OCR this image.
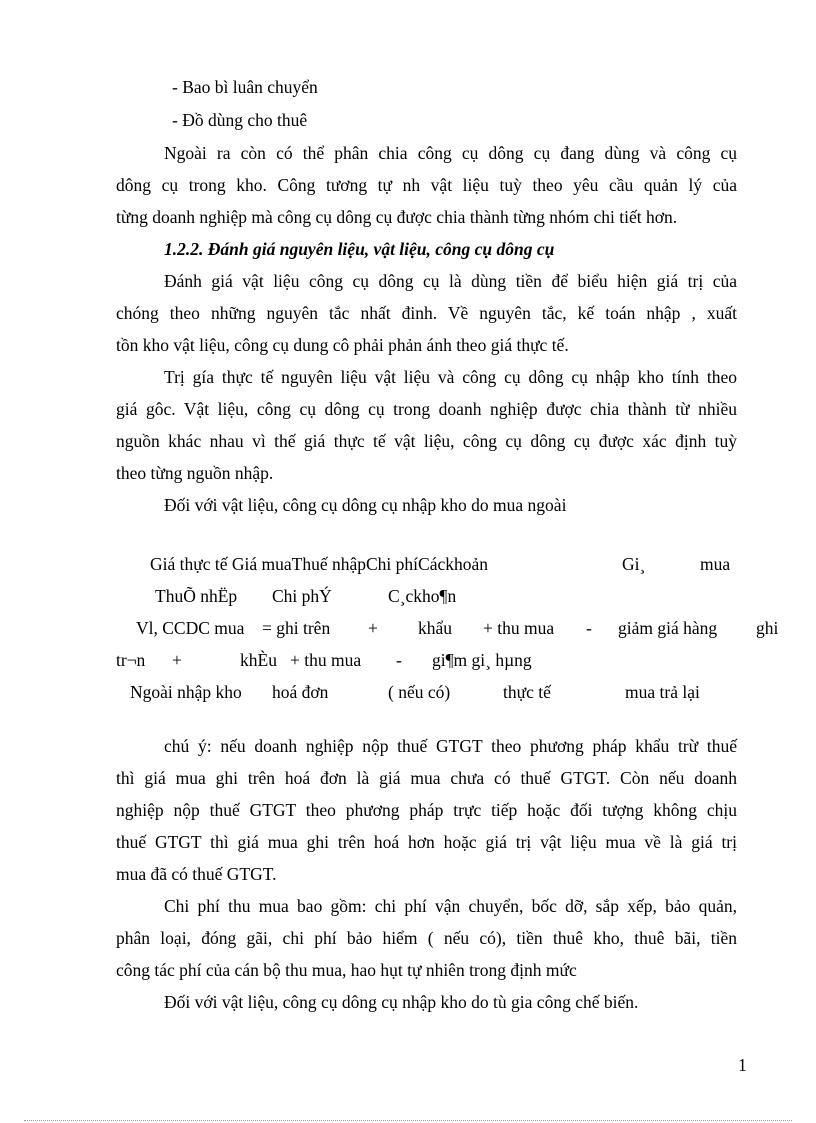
- Bao bì luân chuyển
- Đồ dùng cho thuê
Ngoài ra còn có thể phân chia công cụ dông cụ đang dùng và công cụ
dông cụ trong kho. Công tương tự nh vật liệu tuỳ theo yêu cầu quản lý của
từng doanh nghiệp mà công cụ dông cụ được chia thành từng nhóm chi tiết hơn.
1.2.2. Đánh giá nguyên liệu, vật liệu, công cụ dông cụ
Đánh giá vật liệu công cụ dông cụ là dùng tiền để biểu hiện giá trị của
chóng theo những nguyên tắc nhất đinh. Về nguyên tắc, kế toán nhập , xuất
tồn kho vật liệu, công cụ dung cô phải phản ánh theo giá thực tế.
Trị gía thực tế nguyên liệu vật liệu và công cụ dông cụ nhập kho tính theo
giá gôc. Vật liệu, công cụ dông cụ trong doanh nghiệp được chia thành từ nhiều
nguồn khác nhau vì thế giá thực tế vật liệu, công cụ dông cụ được xác định tuỳ
theo từng nguồn nhập.
Đối với vật liệu, công cụ dông cụ nhập kho do mua ngoài
Giá thực tế Giá muaThuế nhậpChi phíCáckhoản	Gi¸	mua
ThuÕ nhËp Chi phÝ	C¸ckho¶n
Vl, CCDC mua = ghi trên + khẩu + thu mua - giảm giá hàng ghi
tr¬n +	khÈu + thu mua - gi¶m gi¸ hµng
Ngoài nhập kho hoá đơn	( nếu có)	thực tế	mua trả lại
chú ý: nếu doanh nghiệp nộp thuế GTGT theo phương pháp khẩu trừ thuế
thì giá mua ghi trên hoá đơn là giá mua chưa có thuế GTGT. Còn nếu doanh
nghiệp nộp thuế GTGT theo phương pháp trực tiếp hoặc đối tượng không chịu
thuế GTGT thì giá mua ghi trên hoá hơn hoặc giá trị vật liệu mua về là giá trị
mua đã có thuế GTGT.
Chi phí thu mua bao gồm: chi phí vận chuyển, bốc dỡ, sắp xếp, bảo quản,
phân loại, đóng gãi, chi phí bảo hiểm ( nếu có), tiền thuê kho, thuê bãi, tiền
công tác phí của cán bộ thu mua, hao hụt tự nhiên trong định mức
Đối với vật liệu, công cụ dông cụ nhập kho do tù gia công chế biến.
1
